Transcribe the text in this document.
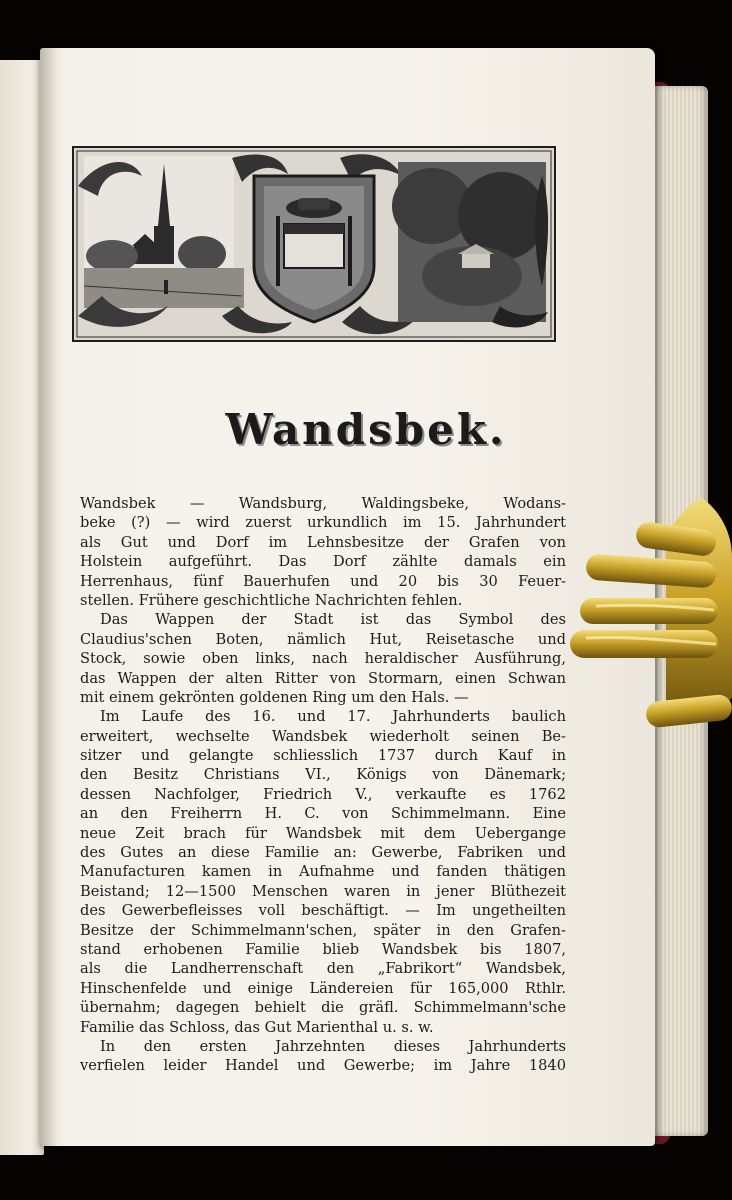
Wandsbek.
Wandsbek — Wandsburg, Waldingsbeke, Wodans-
beke (?) — wird zuerst urkundlich im 15. Jahrhundert
als Gut und Dorf im Lehnsbesitze der Grafen von
Holstein aufgeführt. Das Dorf zählte damals ein
Herrenhaus, fünf Bauerhufen und 20 bis 30 Feuer-
stellen. Frühere geschichtliche Nachrichten fehlen.
Das Wappen der Stadt ist das Symbol des
Claudius'schen Boten, nämlich Hut, Reisetasche und
Stock, sowie oben links, nach heraldischer Ausführung,
das Wappen der alten Ritter von Stormarn, einen Schwan
mit einem gekrönten goldenen Ring um den Hals. —
Im Laufe des 16. und 17. Jahrhunderts baulich
erweitert, wechselte Wandsbek wiederholt seinen Be-
sitzer und gelangte schliesslich 1737 durch Kauf in
den Besitz Christians VI., Königs von Dänemark;
dessen Nachfolger, Friedrich V., verkaufte es 1762
an den Freiherrn H. C. von Schimmelmann. Eine
neue Zeit brach für Wandsbek mit dem Uebergange
des Gutes an diese Familie an: Gewerbe, Fabriken und
Manufacturen kamen in Aufnahme und fanden thätigen
Beistand; 12—1500 Menschen waren in jener Blüthezeit
des Gewerbefleisses voll beschäftigt. — Im ungetheilten
Besitze der Schimmelmann'schen, später in den Grafen-
stand erhobenen Familie blieb Wandsbek bis 1807,
als die Landherrenschaft den „Fabrikort“ Wandsbek,
Hinschenfelde und einige Ländereien für 165,000 Rthlr.
übernahm; dagegen behielt die gräfl. Schimmelmann'sche
Familie das Schloss, das Gut Marienthal u. s. w.
In den ersten Jahrzehnten dieses Jahrhunderts
verfielen leider Handel und Gewerbe; im Jahre 1840
